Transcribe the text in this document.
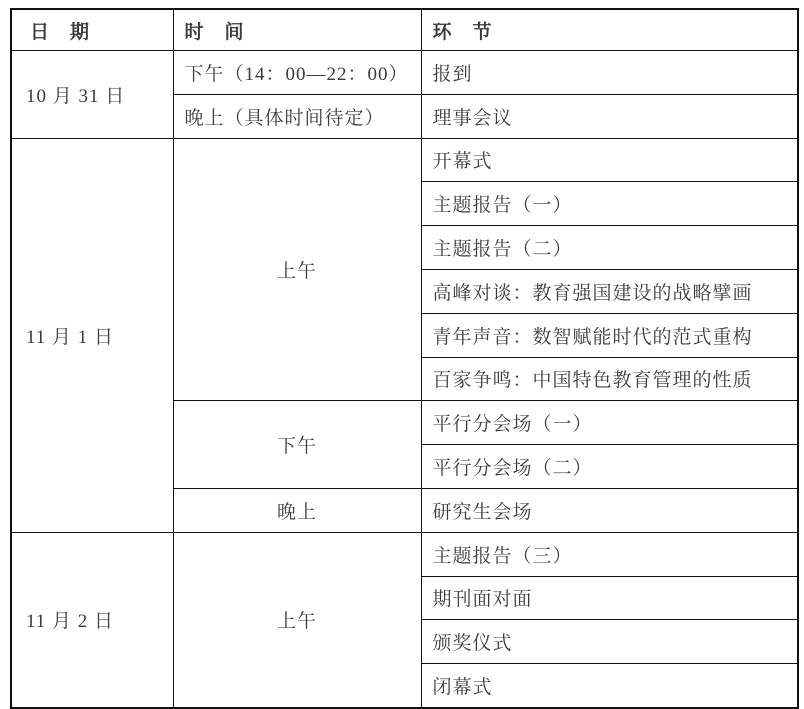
日　期	时　间	环　节
10 月 31 日	下午（14：00—22：00）	报到
	晚上（具体时间待定）	理事会议
11 月 1 日	上午	开幕式
		主题报告（一）
		主题报告（二）
		高峰对谈：教育强国建设的战略擘画
		青年声音：数智赋能时代的范式重构
		百家争鸣：中国特色教育管理的性质
	下午	平行分会场（一）
		平行分会场（二）
	晚上	研究生会场
11 月 2 日	上午	主题报告（三）
		期刊面对面
		颁奖仪式
		闭幕式
